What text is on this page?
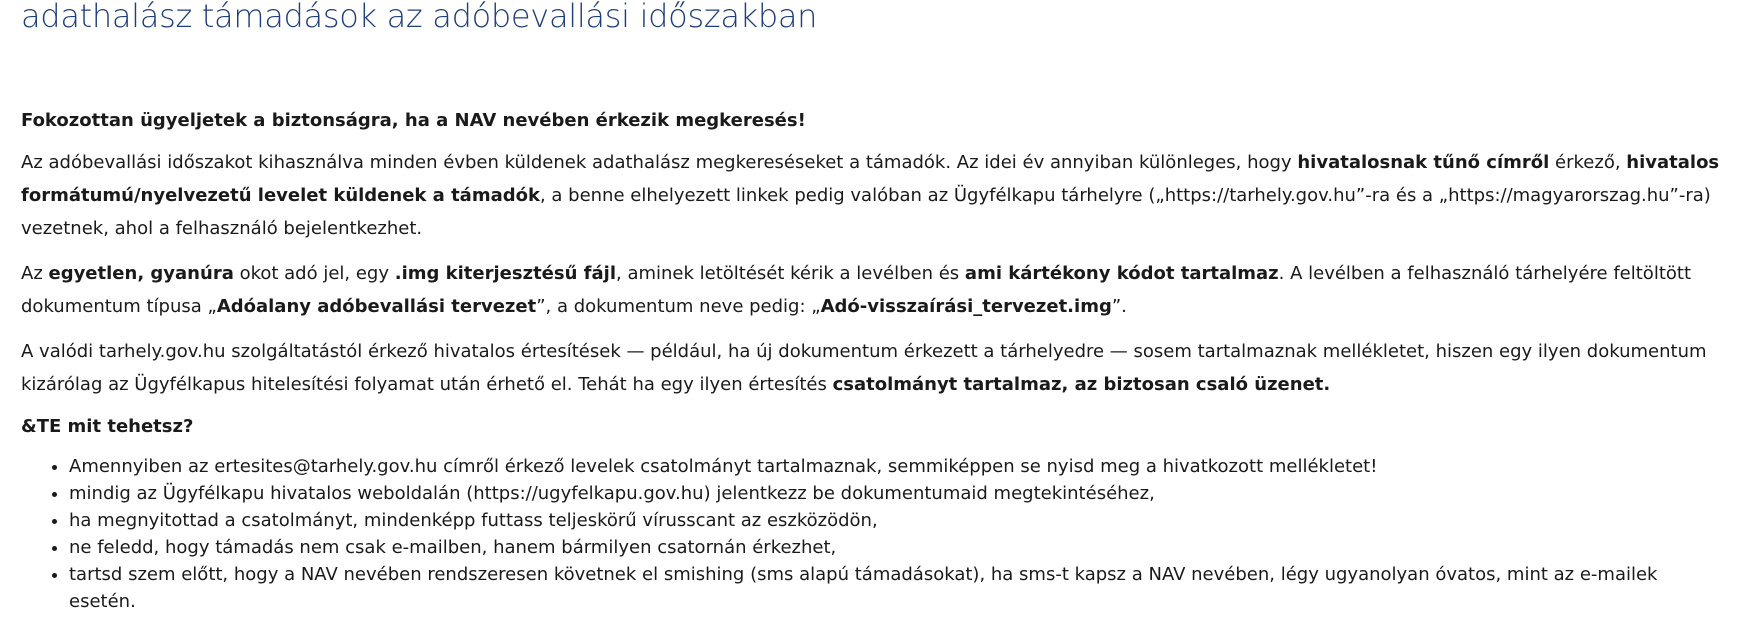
adathalász támadások az adóbevallási időszakban

Fokozottan ügyeljetek a biztonságra, ha a NAV nevében érkezik megkeresés!

Az adóbevallási időszakot kihasználva minden évben küldenek adathalász megkereséseket a támadók. Az idei év annyiban különleges, hogy hivatalosnak tűnő címről érkező, hivatalos formátumú/nyelvezetű levelet küldenek a támadók, a benne elhelyezett linkek pedig valóban az Ügyfélkapu tárhelyre („https://tarhely.gov.hu”-ra és a „https://magyarorszag.hu”-ra) vezetnek, ahol a felhasználó bejelentkezhet.

Az egyetlen, gyanúra okot adó jel, egy .img kiterjesztésű fájl, aminek letöltését kérik a levélben és ami kártékony kódot tartalmaz. A levélben a felhasználó tárhelyére feltöltött dokumentum típusa „Adóalany adóbevallási tervezet”, a dokumentum neve pedig: „Adó-visszaírási_tervezet.img”.

A valódi tarhely.gov.hu szolgáltatástól érkező hivatalos értesítések — például, ha új dokumentum érkezett a tárhelyedre — sosem tartalmaznak mellékletet, hiszen egy ilyen dokumentum kizárólag az Ügyfélkapus hitelesítési folyamat után érhető el. Tehát ha egy ilyen értesítés csatolmányt tartalmaz, az biztosan csaló üzenet.

&TE mit tehetsz?

• Amennyiben az ertesites@tarhely.gov.hu címről érkező levelek csatolmányt tartalmaznak, semmiképpen se nyisd meg a hivatkozott mellékletet!
• mindig az Ügyfélkapu hivatalos weboldalán (https://ugyfelkapu.gov.hu) jelentkezz be dokumentumaid megtekintéséhez,
• ha megnyitottad a csatolmányt, mindenképp futtass teljeskörű vírusscant az eszközödön,
• ne feledd, hogy támadás nem csak e-mailben, hanem bármilyen csatornán érkezhet,
• tartsd szem előtt, hogy a NAV nevében rendszeresen követnek el smishing (sms alapú támadásokat), ha sms-t kapsz a NAV nevében, légy ugyanolyan óvatos, mint az e-mailek esetén.
